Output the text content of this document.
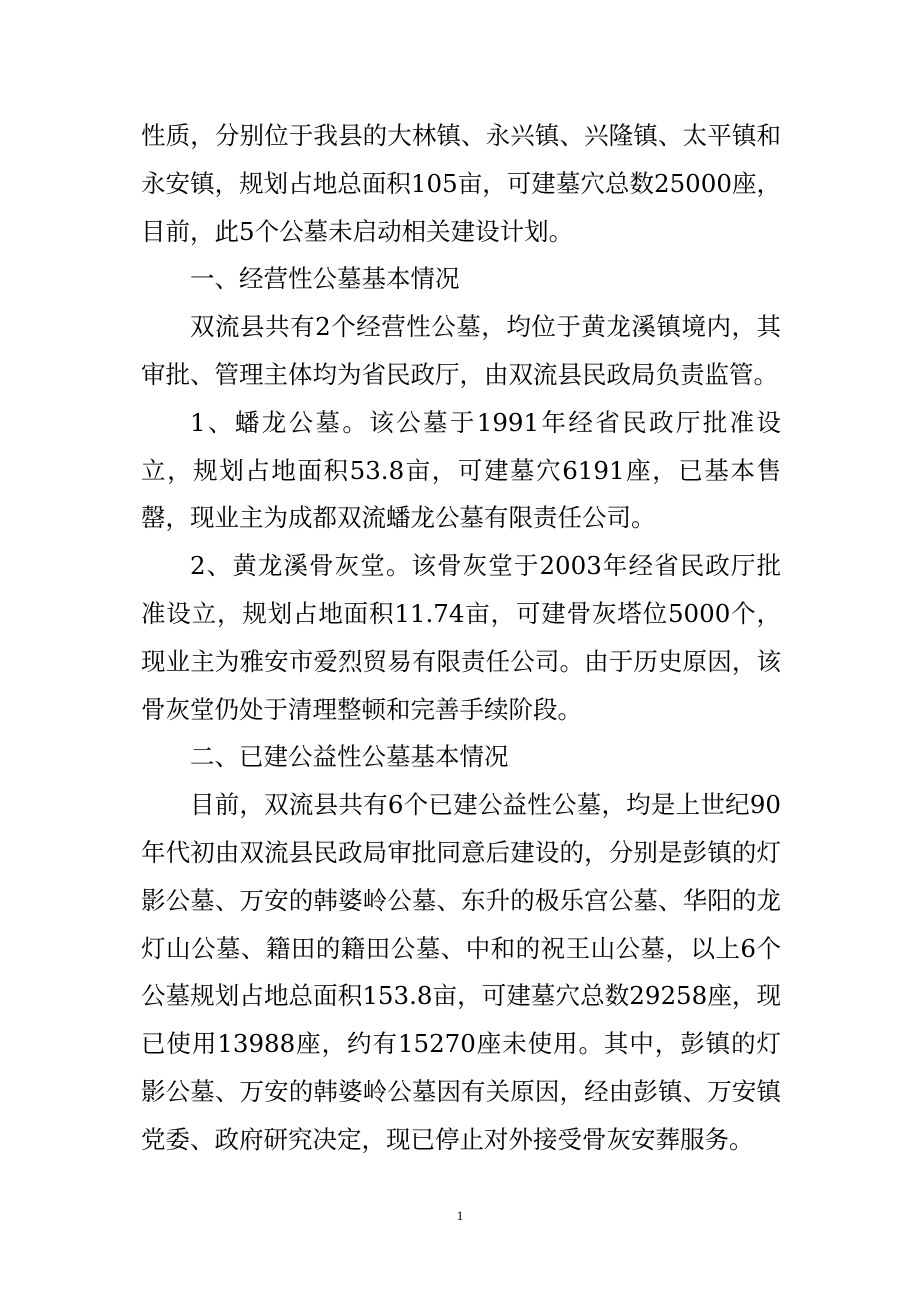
性质，分别位于我县的大林镇、永兴镇、兴隆镇、太平镇和永安镇，规划占地总面积105亩，可建墓穴总数25000座，目前，此5个公墓未启动相关建设计划。

一、经营性公墓基本情况

双流县共有2个经营性公墓，均位于黄龙溪镇境内，其审批、管理主体均为省民政厅，由双流县民政局负责监管。

1、蟠龙公墓。该公墓于1991年经省民政厅批准设立，规划占地面积53.8亩，可建墓穴6191座，已基本售罄，现业主为成都双流蟠龙公墓有限责任公司。

2、黄龙溪骨灰堂。该骨灰堂于2003年经省民政厅批准设立，规划占地面积11.74亩，可建骨灰塔位5000个，现业主为雅安市爱烈贸易有限责任公司。由于历史原因，该骨灰堂仍处于清理整顿和完善手续阶段。

二、已建公益性公墓基本情况

目前，双流县共有6个已建公益性公墓，均是上世纪90年代初由双流县民政局审批同意后建设的，分别是彭镇的灯影公墓、万安的韩婆岭公墓、东升的极乐宫公墓、华阳的龙灯山公墓、籍田的籍田公墓、中和的祝王山公墓，以上6个公墓规划占地总面积153.8亩，可建墓穴总数29258座，现已使用13988座，约有15270座未使用。其中，彭镇的灯影公墓、万安的韩婆岭公墓因有关原因，经由彭镇、万安镇党委、政府研究决定，现已停止对外接受骨灰安葬服务。

1
